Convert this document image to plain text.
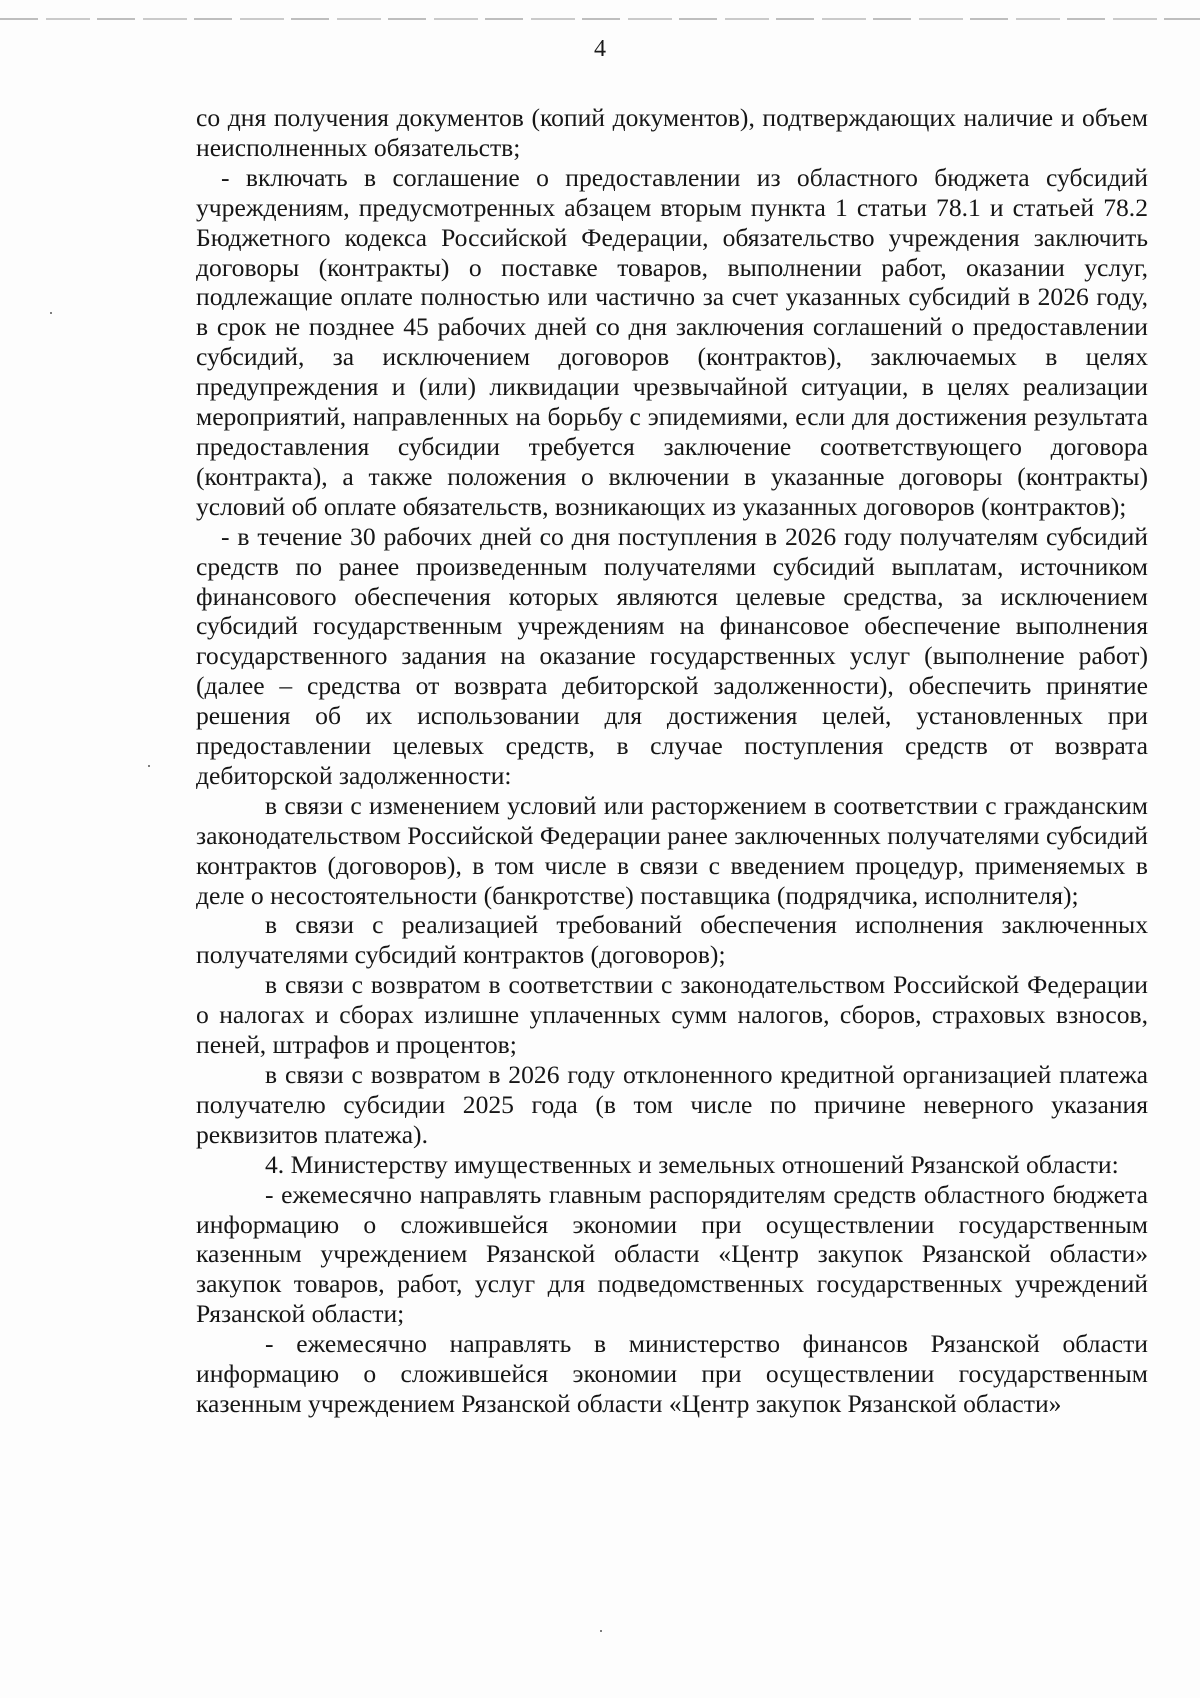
4

со дня получения документов (копий документов), подтверждающих наличие и объем неисполненных обязательств;

- включать в соглашение о предоставлении из областного бюджета субсидий учреждениям, предусмотренных абзацем вторым пункта 1 статьи 78.1 и статьей 78.2 Бюджетного кодекса Российской Федерации, обязательство учреждения заключить договоры (контракты) о поставке товаров, выполнении работ, оказании услуг, подлежащие оплате полностью или частично за счет указанных субсидий в 2026 году, в срок не позднее 45 рабочих дней со дня заключения соглашений о предоставлении субсидий, за исключением договоров (контрактов), заключаемых в целях предупреждения и (или) ликвидации чрезвычайной ситуации, в целях реализации мероприятий, направленных на борьбу с эпидемиями, если для достижения результата предоставления субсидии требуется заключение соответствующего договора (контракта), а также положения о включении в указанные договоры (контракты) условий об оплате обязательств, возникающих из указанных договоров (контрактов);

- в течение 30 рабочих дней со дня поступления в 2026 году получателям субсидий средств по ранее произведенным получателями субсидий выплатам, источником финансового обеспечения которых являются целевые средства, за исключением субсидий государственным учреждениям на финансовое обеспечение выполнения государственного задания на оказание государственных услуг (выполнение работ) (далее – средства от возврата дебиторской задолженности), обеспечить принятие решения об их использовании для достижения целей, установленных при предоставлении целевых средств, в случае поступления средств от возврата дебиторской задолженности:

в связи с изменением условий или расторжением в соответствии с гражданским законодательством Российской Федерации ранее заключенных получателями субсидий контрактов (договоров), в том числе в связи с введением процедур, применяемых в деле о несостоятельности (банкротстве) поставщика (подрядчика, исполнителя);

в связи с реализацией требований обеспечения исполнения заключенных получателями субсидий контрактов (договоров);

в связи с возвратом в соответствии с законодательством Российской Федерации о налогах и сборах излишне уплаченных сумм налогов, сборов, страховых взносов, пеней, штрафов и процентов;

в связи с возвратом в 2026 году отклоненного кредитной организацией платежа получателю субсидии 2025 года (в том числе по причине неверного указания реквизитов платежа).

4. Министерству имущественных и земельных отношений Рязанской области:

- ежемесячно направлять главным распорядителям средств областного бюджета информацию о сложившейся экономии при осуществлении государственным казенным учреждением Рязанской области «Центр закупок Рязанской области» закупок товаров, работ, услуг для подведомственных государственных учреждений Рязанской области;

- ежемесячно направлять в министерство финансов Рязанской области информацию о сложившейся экономии при осуществлении государственным казенным учреждением Рязанской области «Центр закупок Рязанской области»
